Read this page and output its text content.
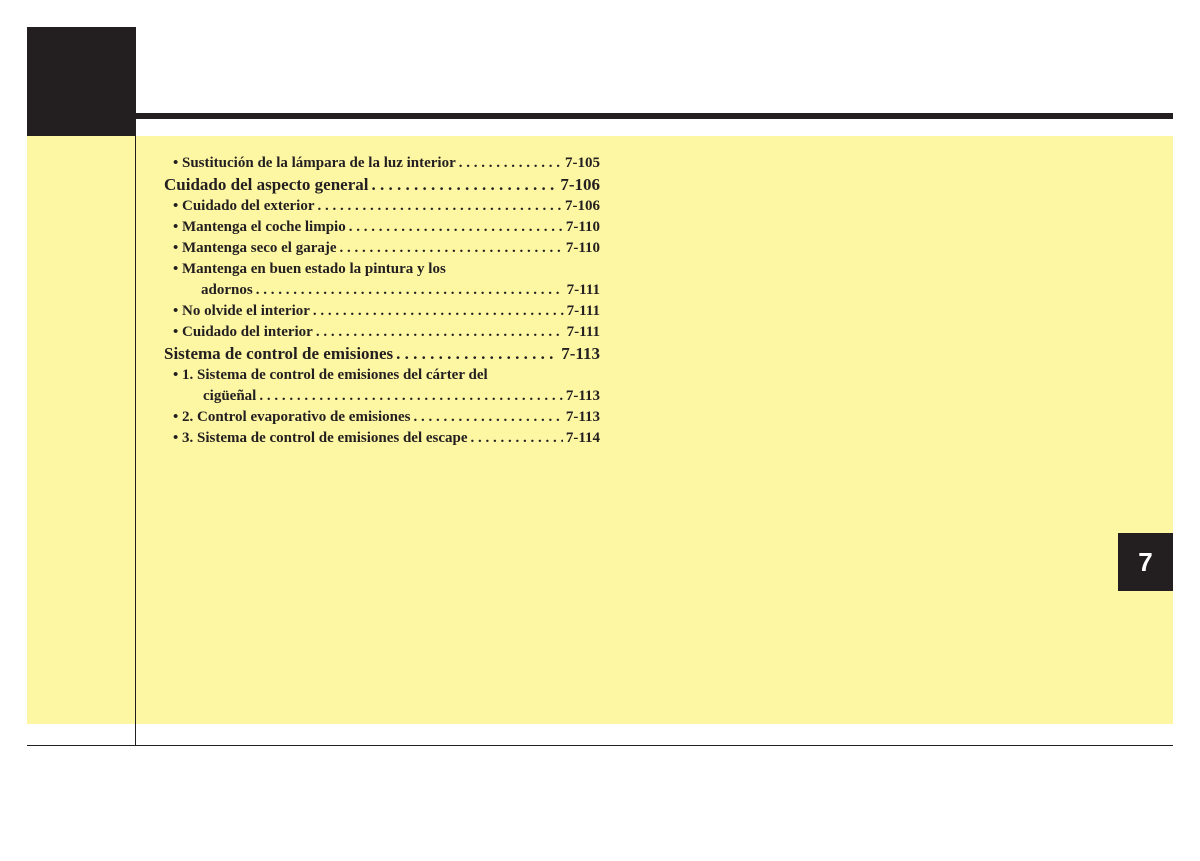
7
• Sustitución de la lámpara de la luz interior . . .	7-105
Cuidado del aspecto general . . .	7-106
• Cuidado del exterior . . .	7-106
• Mantenga el coche limpio . . .	7-110
• Mantenga seco el garaje . . .	7-110
• Mantenga en buen estado la pintura y los
adornos . . .	7-111
• No olvide el interior . . .	7-111
• Cuidado del interior . . .	7-111
Sistema de control de emisiones . . .	7-113
• 1. Sistema de control de emisiones del cárter del
cigüeñal . . .	7-113
• 2. Control evaporativo de emisiones . . .	7-113
• 3. Sistema de control de emisiones del escape . . .	7-114
